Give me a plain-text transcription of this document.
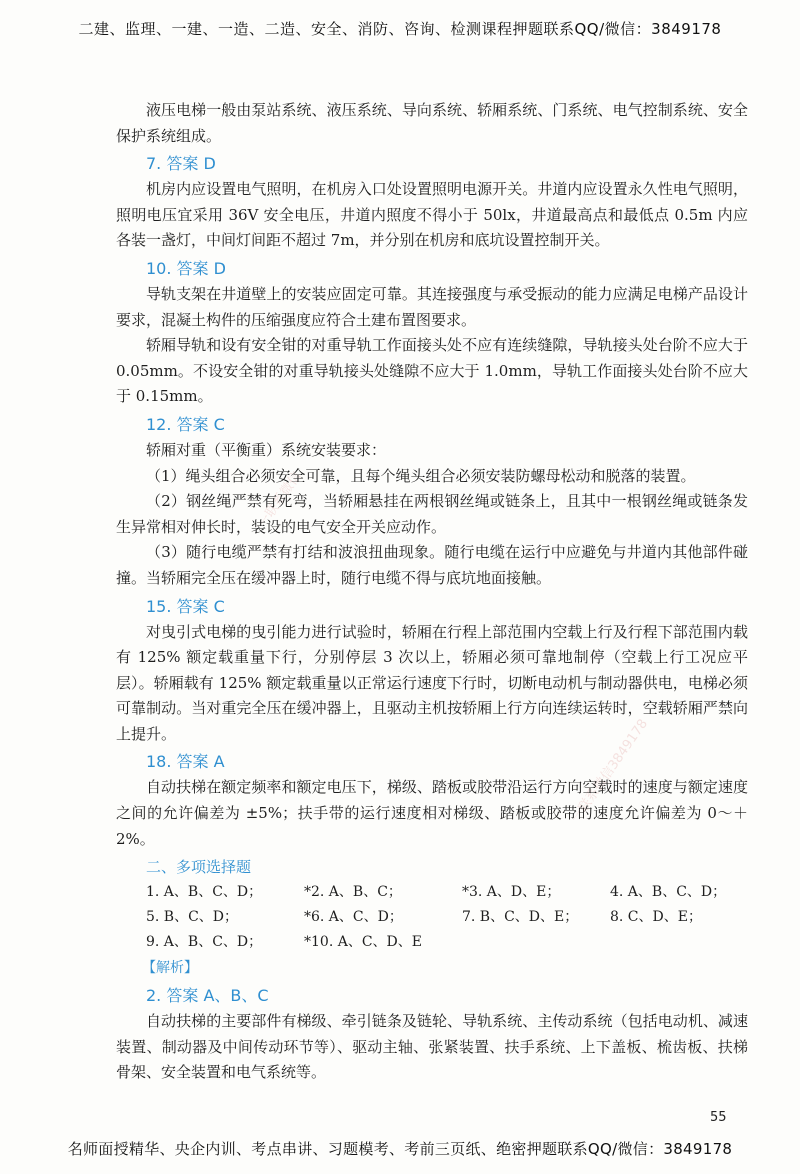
二建、监理、一建、一造、二造、安全、消防、咨询、检测课程押题联系QQ/微信：3849178
一联系微信
一联系微信3849178

液压电梯一般由泵站系统、液压系统、导向系统、轿厢系统、门系统、电气控制系统、安全保护系统组成。

7. 答案 D

机房内应设置电气照明，在机房入口处设置照明电源开关。井道内应设置永久性电气照明，照明电压宜采用 36V 安全电压，井道内照度不得小于 50lx，井道最高点和最低点 0.5m 内应各装一盏灯，中间灯间距不超过 7m，并分别在机房和底坑设置控制开关。

10. 答案 D

导轨支架在井道壁上的安装应固定可靠。其连接强度与承受振动的能力应满足电梯产品设计要求，混凝土构件的压缩强度应符合土建布置图要求。

轿厢导轨和设有安全钳的对重导轨工作面接头处不应有连续缝隙，导轨接头处台阶不应大于 0.05mm。不设安全钳的对重导轨接头处缝隙不应大于 1.0mm，导轨工作面接头处台阶不应大于 0.15mm。

12. 答案 C

轿厢对重（平衡重）系统安装要求：

（1）绳头组合必须安全可靠，且每个绳头组合必须安装防螺母松动和脱落的装置。

（2）钢丝绳严禁有死弯，当轿厢悬挂在两根钢丝绳或链条上，且其中一根钢丝绳或链条发生异常相对伸长时，装设的电气安全开关应动作。

（3）随行电缆严禁有打结和波浪扭曲现象。随行电缆在运行中应避免与井道内其他部件碰撞。当轿厢完全压在缓冲器上时，随行电缆不得与底坑地面接触。

15. 答案 C

对曳引式电梯的曳引能力进行试验时，轿厢在行程上部范围内空载上行及行程下部范围内载有 125% 额定载重量下行，分别停层 3 次以上，轿厢必须可靠地制停（空载上行工况应平层）。轿厢载有 125% 额定载重量以正常运行速度下行时，切断电动机与制动器供电，电梯必须可靠制动。当对重完全压在缓冲器上，且驱动主机按轿厢上行方向连续运转时，空载轿厢严禁向上提升。

18. 答案 A

自动扶梯在额定频率和额定电压下，梯级、踏板或胶带沿运行方向空载时的速度与额定速度之间的允许偏差为 ±5%；扶手带的运行速度相对梯级、踏板或胶带的速度允许偏差为 0～＋2%。

二、多项选择题

1. A、B、C、D；	*2. A、B、C；	*3. A、D、E；	4. A、B、C、D；
5. B、C、D；	*6. A、C、D；	7. B、C、D、E；	8. C、D、E；
9. A、B、C、D；	*10. A、C、D、E

【解析】

2. 答案 A、B、C

自动扶梯的主要部件有梯级、牵引链条及链轮、导轨系统、主传动系统（包括电动机、减速装置、制动器及中间传动环节等）、驱动主轴、张紧装置、扶手系统、上下盖板、梳齿板、扶梯骨架、安全装置和电气系统等。

55
名师面授精华、央企内训、考点串讲、习题模考、考前三页纸、绝密押题联系QQ/微信：3849178
